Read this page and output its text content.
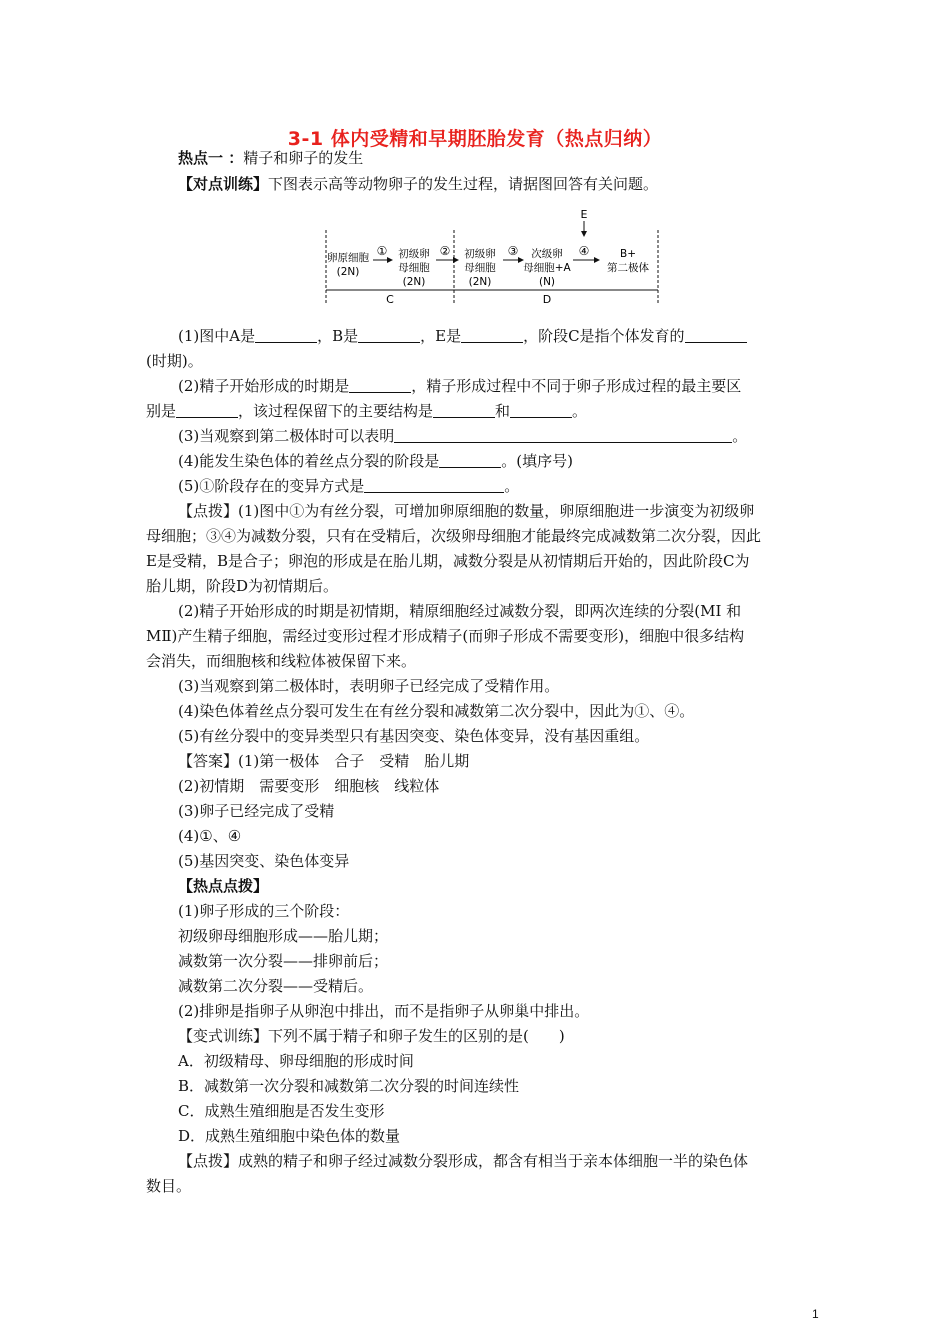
3-1 体内受精和早期胚胎发育（热点归纳）
热点一 ：精子和卵子的发生
【对点训练】下图表示高等动物卵子的发生过程，请据图回答有关问题。
E
卵原细胞
(2N)
① 初级卵
母细胞
(2N)
② 初级卵
母细胞
(2N)
③ 次级卵
母细胞+A
(N)
④	B+
第二极体
C	D
(1)图中A是	，B是	，E是	，阶段C是指个体发育的
(时期)。
(2)精子开始形成的时期是	，精子形成过程中不同于卵子形成过程的最主要区
别是	，该过程保留下的主要结构是	和	。
(3)当观察到第二极体时可以表明	。
(4)能发生染色体的着丝点分裂的阶段是	。(填序号)
(5)①阶段存在的变异方式是	。
【点拨】(1)图中①为有丝分裂，可增加卵原细胞的数量，卵原细胞进一步演变为初级卵
母细胞；③④为减数分裂，只有在受精后，次级卵母细胞才能最终完成减数第二次分裂，因此
E是受精，B是合子；卵泡的形成是在胎儿期，减数分裂是从初情期后开始的，因此阶段C为
胎儿期，阶段D为初情期后。
(2)精子开始形成的时期是初情期，精原细胞经过减数分裂，即两次连续的分裂(MⅠ 和
MⅡ)产生精子细胞，需经过变形过程才形成精子(而卵子形成不需要变形)，细胞中很多结构
会消失，而细胞核和线粒体被保留下来。
(3)当观察到第二极体时，表明卵子已经完成了受精作用。
(4)染色体着丝点分裂可发生在有丝分裂和减数第二次分裂中，因此为①、④。
(5)有丝分裂中的变异类型只有基因突变、染色体变异，没有基因重组。
【答案】(1)第一极体　合子　受精　胎儿期
(2)初情期　需要变形　细胞核　线粒体
(3)卵子已经完成了受精
(4)①、④
(5)基因突变、染色体变异
【热点点拨】
(1)卵子形成的三个阶段：
初级卵母细胞形成——胎儿期；
减数第一次分裂——排卵前后；
减数第二次分裂——受精后。
(2)排卵是指卵子从卵泡中排出，而不是指卵子从卵巢中排出。
【变式训练】下列不属于精子和卵子发生的区别的是(　　)
A．初级精母、卵母细胞的形成时间
B．减数第一次分裂和减数第二次分裂的时间连续性
C．成熟生殖细胞是否发生变形
D．成熟生殖细胞中染色体的数量
【点拨】成熟的精子和卵子经过减数分裂形成，都含有相当于亲本体细胞一半的染色体
数目。
1
